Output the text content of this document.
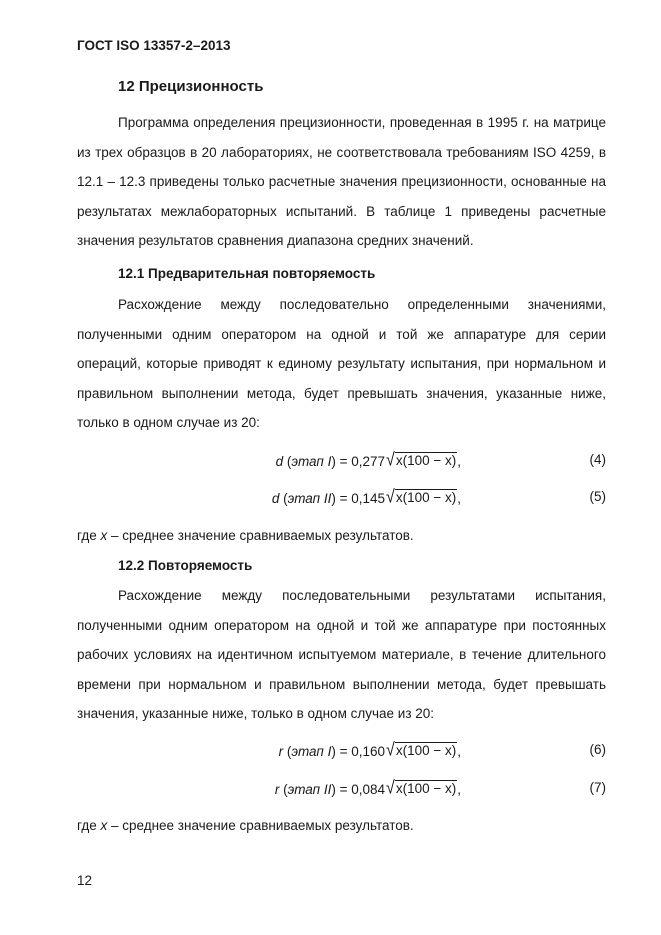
ГОСТ ISO 13357-2–2013
12 Прецизионность

Программа определения прецизионности, проведенная в 1995 г. на матрице из трех образцов в 20 лабораториях, не соответствовала требованиям ISO 4259, в 12.1 – 12.3 приведены только расчетные значения прецизионности, основанные на результатах межлабораторных испытаний. В таблице 1 приведены расчетные значения результатов сравнения диапазона средних значений.

12.1 Предварительная повторяемость

Расхождение между последовательно определенными значениями, полученными одним оператором на одной и той же аппаратуре для серии операций, которые приводят к единому результату испытания, при нормальном и правильном выполнении метода, будет превышать значения, указанные ниже, только в одном случае из 20:

d ( этап I ) = 0,277 √ x(100 − x) ,	(4)
d ( этап II ) = 0,145 √ x(100 − x) ,	(5)
где x – среднее значение сравниваемых результатов.
12.2 Повторяемость

Расхождение между последовательными результатами испытания, полученными одним оператором на одной и той же аппаратуре при постоянных рабочих условиях на идентичном испытуемом материале, в течение длительного времени при нормальном и правильном выполнении метода, будет превышать значения, указанные ниже, только в одном случае из 20:

r ( этап I ) = 0,160 √ x(100 − x) ,	(6)
r ( этап II ) = 0,084 √ x(100 − x) ,	(7)
где x – среднее значение сравниваемых результатов.
12
